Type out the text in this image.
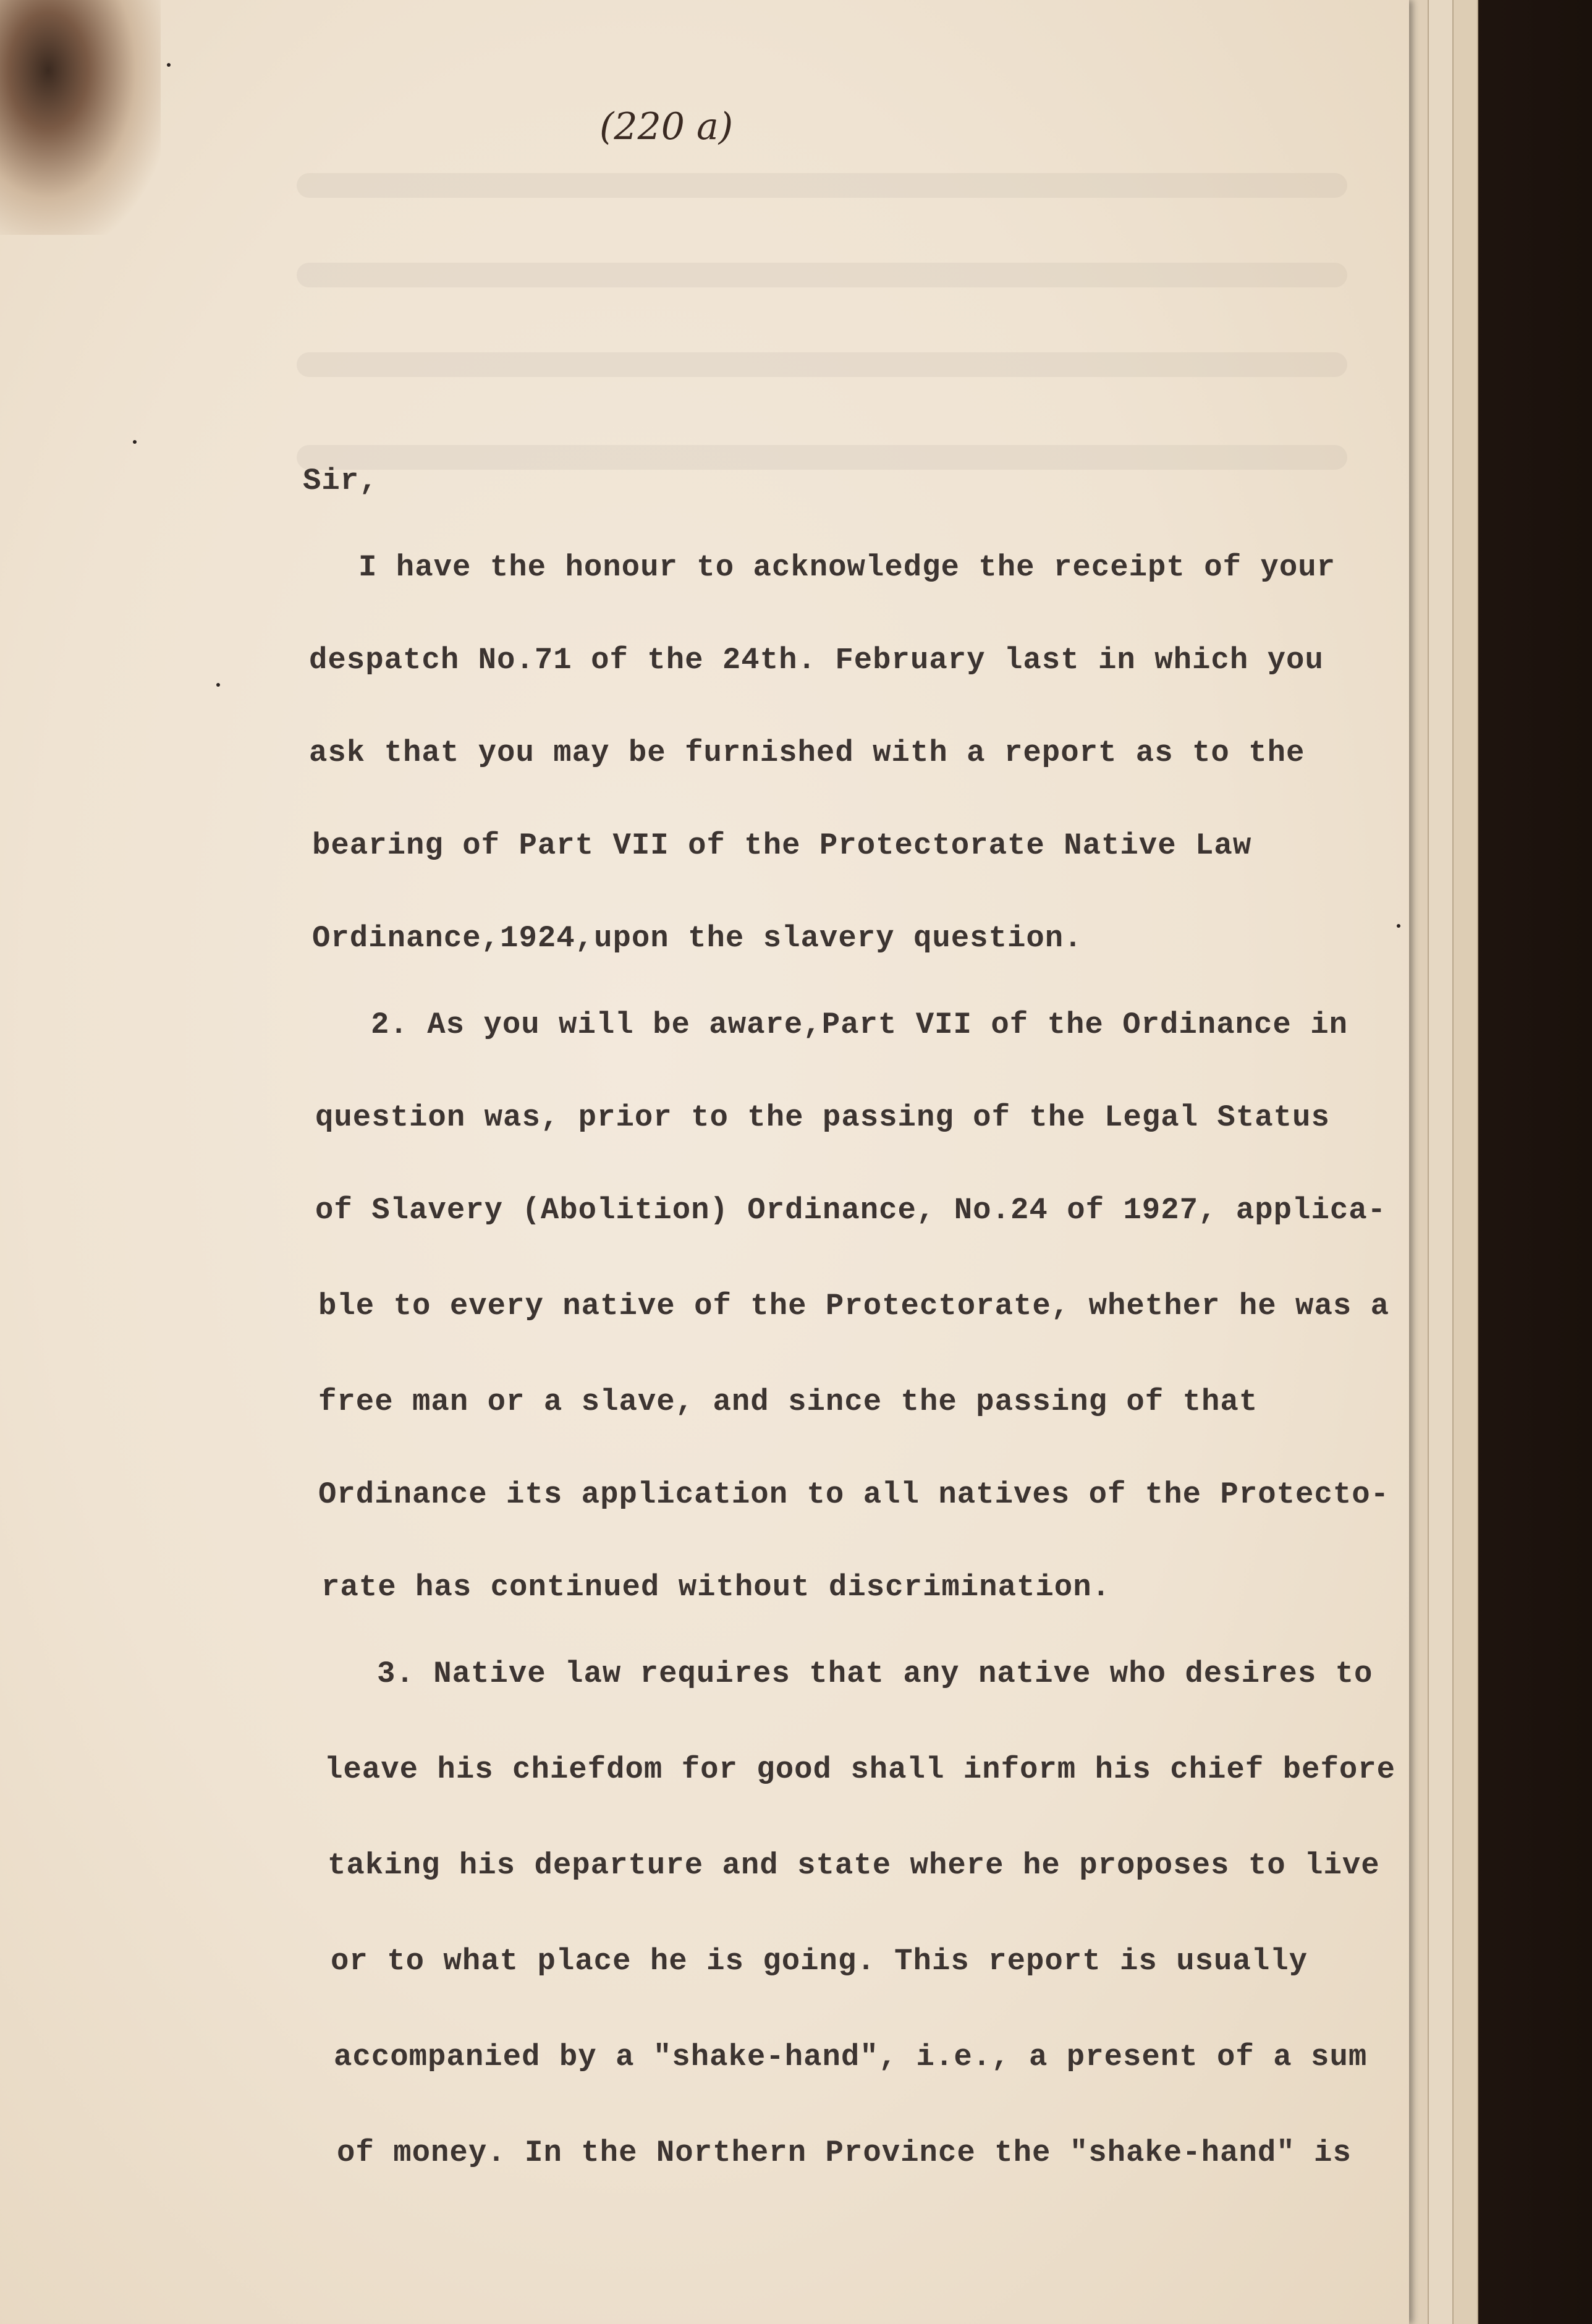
(220 a)

Sir,

I have the honour to acknowledge the receipt of your

despatch No.71 of the 24th. February last in which you

ask that you may be furnished with a report as to the

bearing of Part VII of the Protectorate Native Law

Ordinance,1924,upon the slavery question.

2. As you will be aware,Part VII of the Ordinance in

question was, prior to the passing of the Legal Status

of Slavery (Abolition) Ordinance, No.24 of 1927, applica-

ble to every native of the Protectorate, whether he was a

free man or a slave, and since the passing of that

Ordinance its application to all natives of the Protecto-

rate has continued without discrimination.

3. Native law requires that any native who desires to

leave his chiefdom for good shall inform his chief before

taking his departure and state where he proposes to live

or to what place he is going. This report is usually

accompanied by a "shake-hand", i.e., a present of a sum

of money. In the Northern Province the "shake-hand" is
